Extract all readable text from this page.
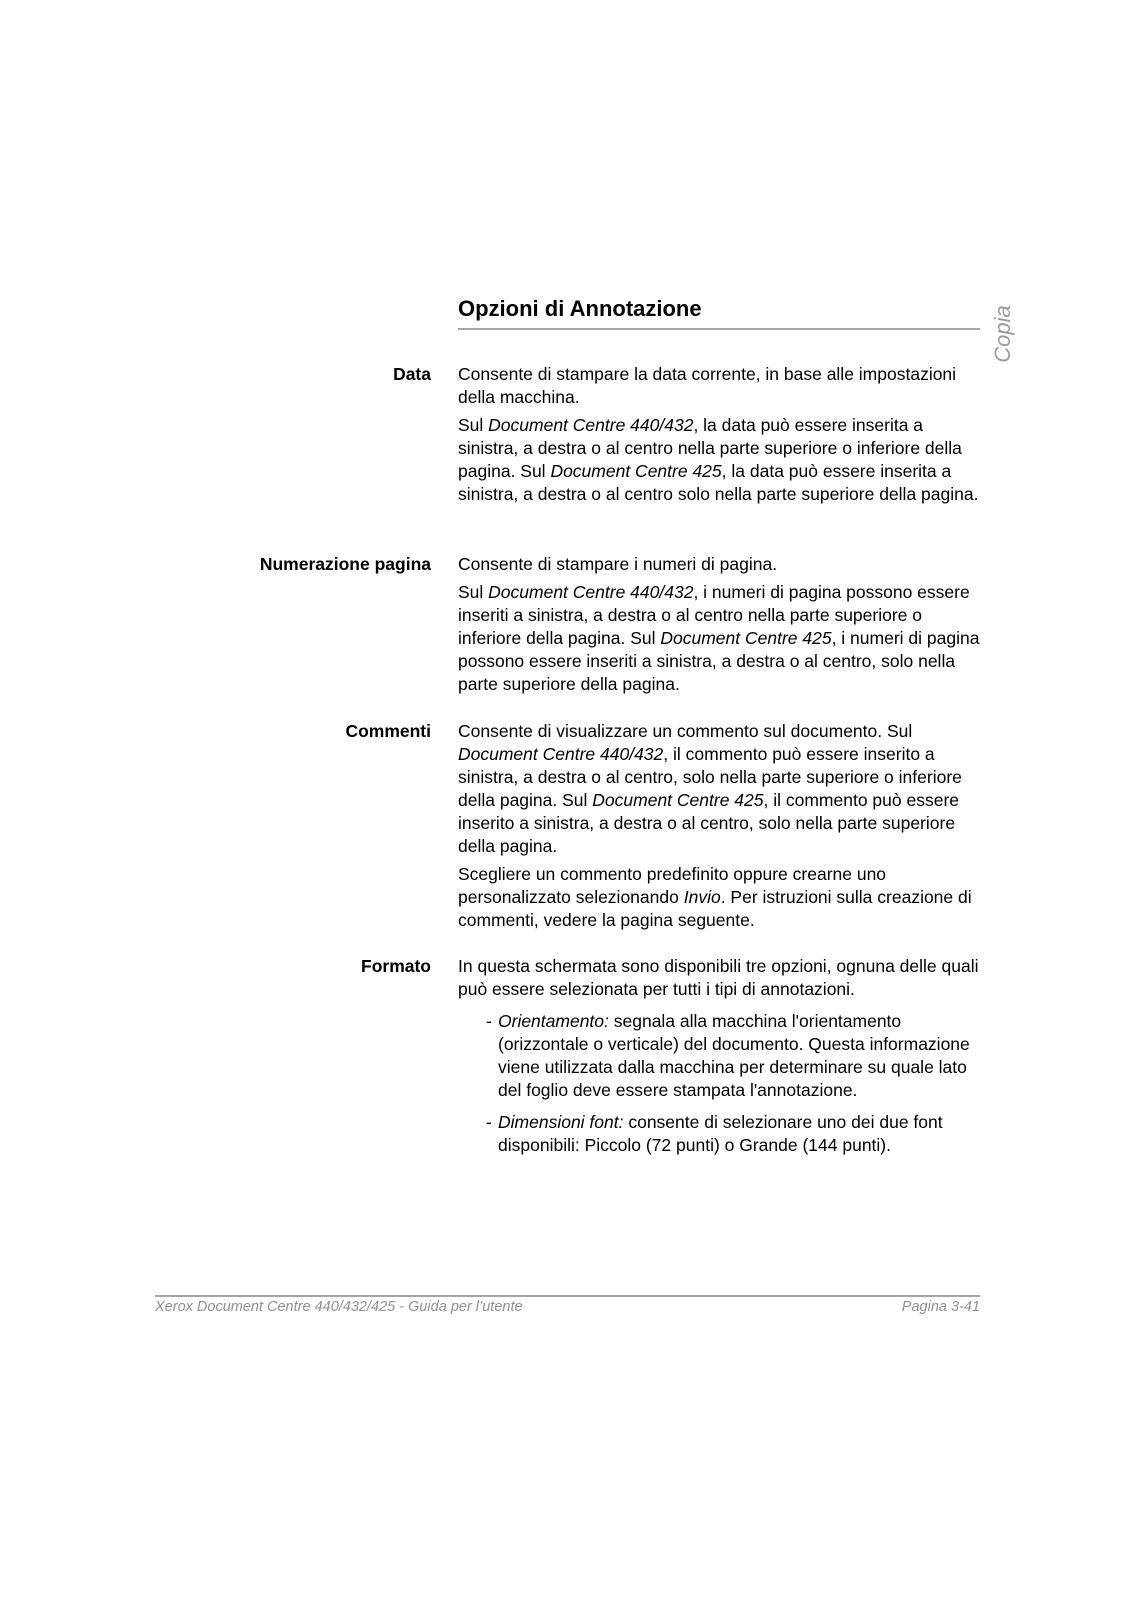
Opzioni di Annotazione	Copia
Data Consente di stampare la data corrente, in base alle impostazioni della macchina.

Sul Document Centre 440/432, la data può essere inserita a sinistra, a destra o al centro nella parte superiore o inferiore della pagina. Sul Document Centre 425, la data può essere inserita a sinistra, a destra o al centro solo nella parte superiore della pagina.

Numerazione pagina Consente di stampare i numeri di pagina.

Sul Document Centre 440/432, i numeri di pagina possono essere inseriti a sinistra, a destra o al centro nella parte superiore o inferiore della pagina. Sul Document Centre 425, i numeri di pagina possono essere inseriti a sinistra, a destra o al centro, solo nella parte superiore della pagina.

Commenti Consente di visualizzare un commento sul documento. Sul Document Centre 440/432, il commento può essere inserito a sinistra, a destra o al centro, solo nella parte superiore o inferiore della pagina. Sul Document Centre 425, il commento può essere inserito a sinistra, a destra o al centro, solo nella parte superiore della pagina.

Scegliere un commento predefinito oppure crearne uno personalizzato selezionando Invio. Per istruzioni sulla creazione di commenti, vedere la pagina seguente.

Formato In questa schermata sono disponibili tre opzioni, ognuna delle quali può essere selezionata per tutti i tipi di annotazioni.

- Orientamento: segnala alla macchina l'orientamento (orizzontale o verticale) del documento. Questa informazione viene utilizzata dalla macchina per determinare su quale lato del foglio deve essere stampata l'annotazione.
- Dimensioni font: consente di selezionare uno dei due font disponibili: Piccolo (72 punti) o Grande (144 punti).
Xerox Document Centre 440/432/425 - Guida per l’utente	Pagina 3-41
